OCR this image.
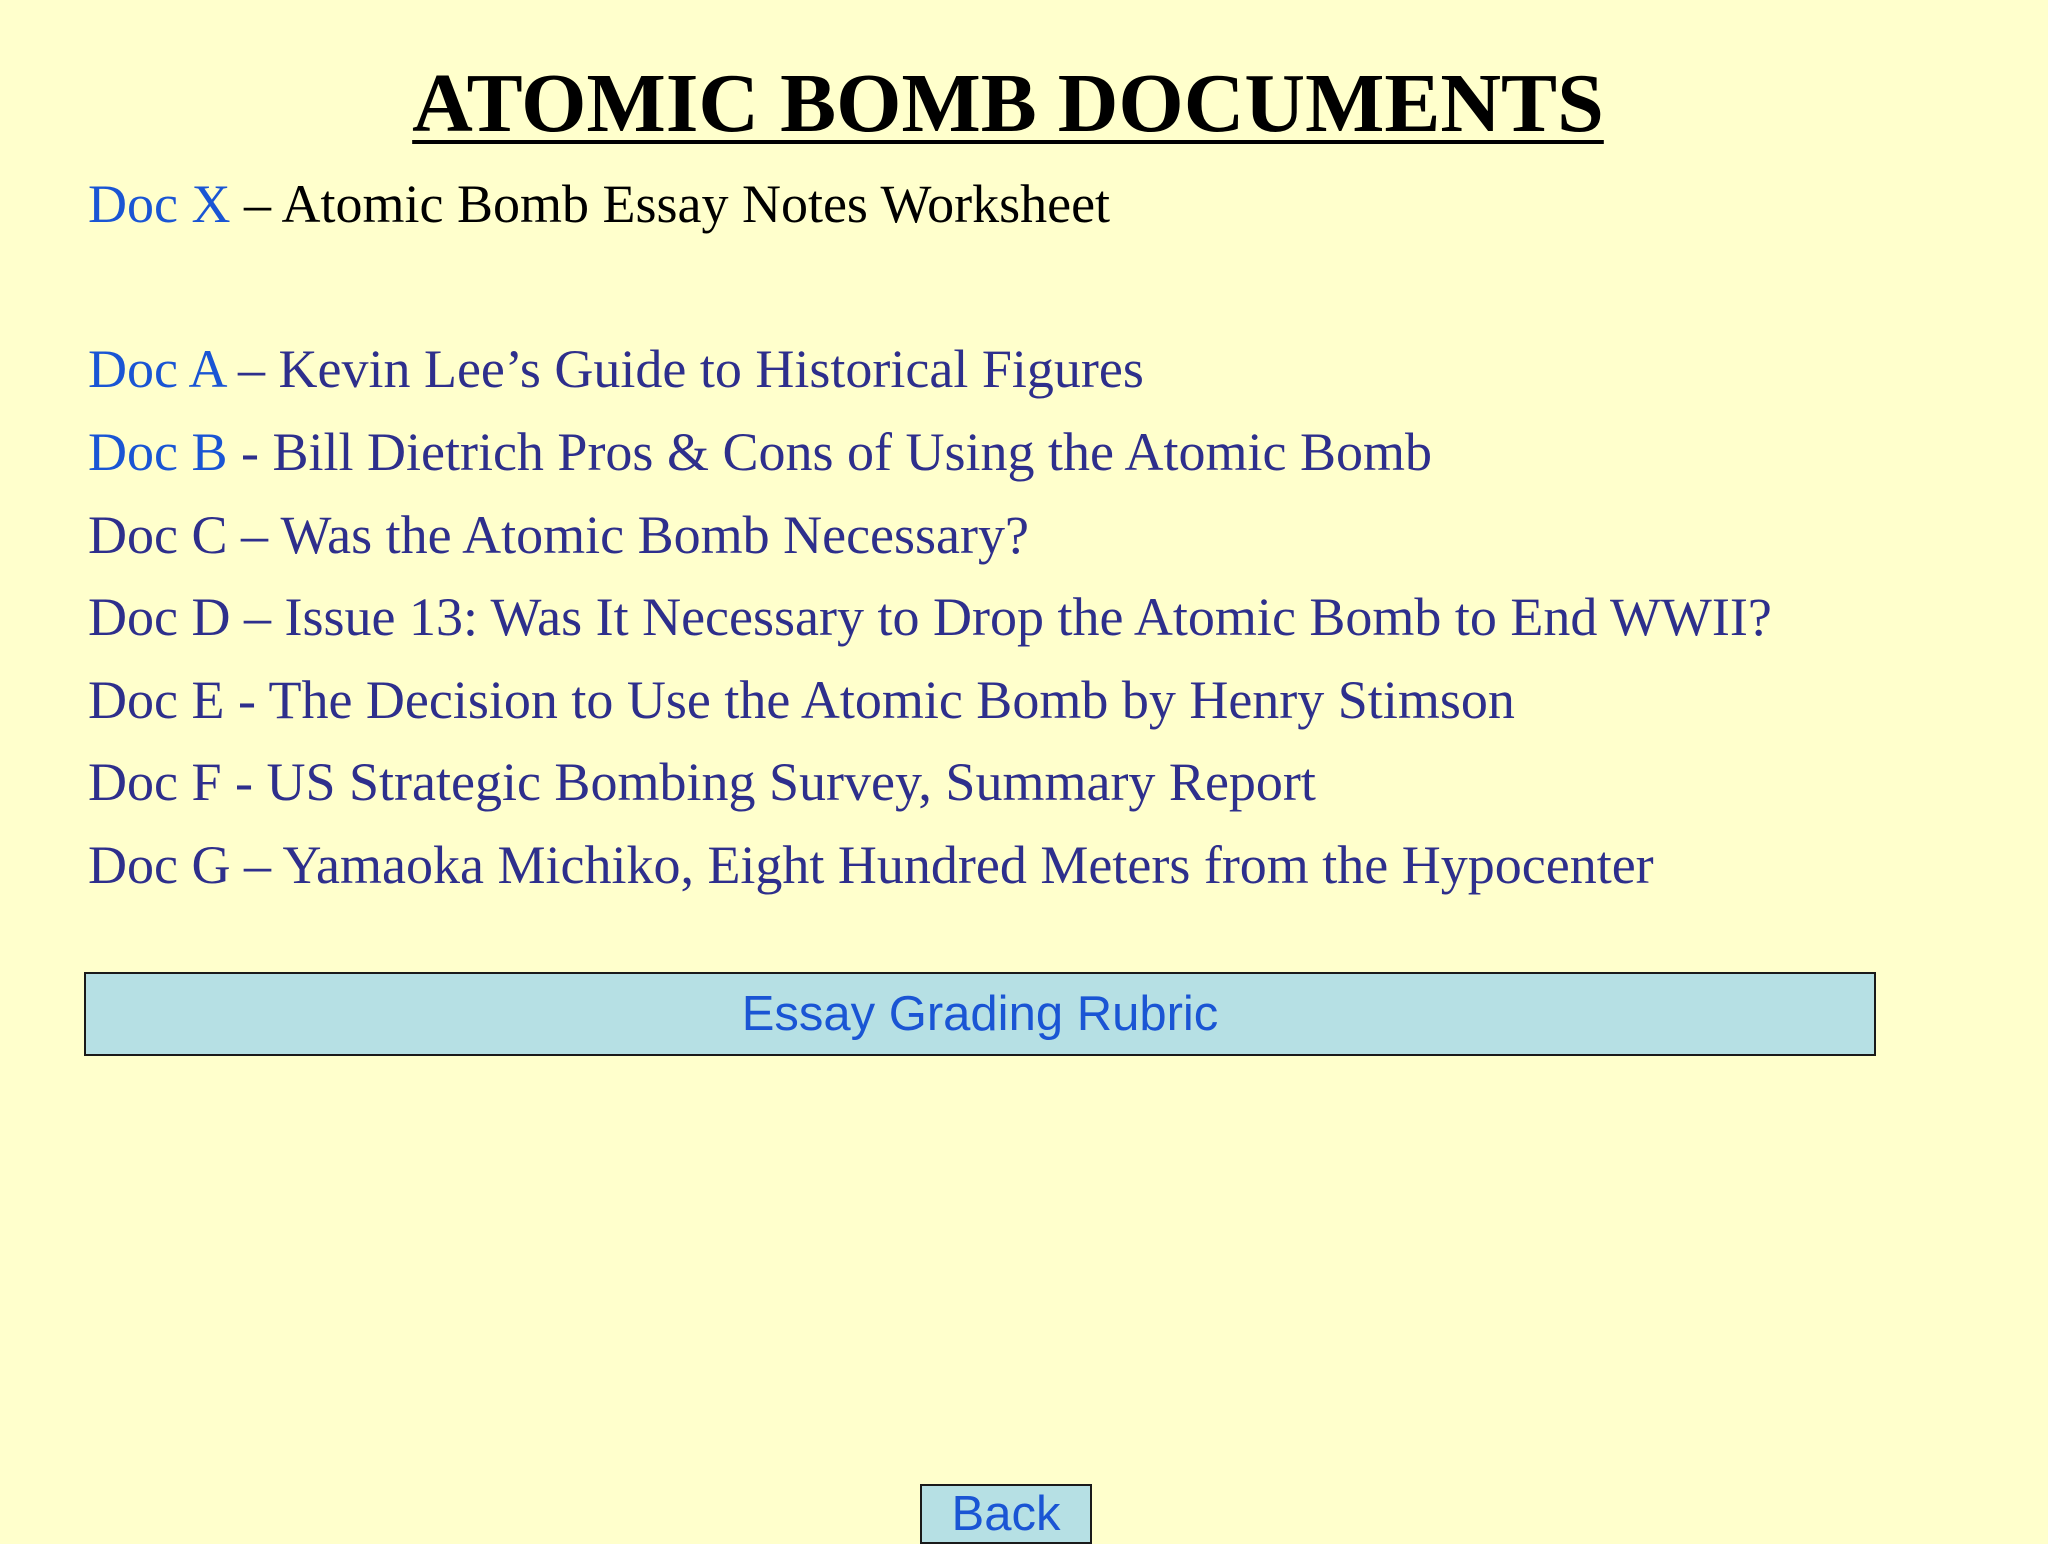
ATOMIC BOMB DOCUMENTS
Doc X – Atomic Bomb Essay Notes Worksheet
Doc A – Kevin Lee’s Guide to Historical Figures
Doc B - Bill Dietrich Pros & Cons of Using the Atomic Bomb
Doc C – Was the Atomic Bomb Necessary?
Doc D – Issue 13: Was It Necessary to Drop the Atomic Bomb to End WWII?
Doc E - The Decision to Use the Atomic Bomb by Henry Stimson
Doc F - US Strategic Bombing Survey, Summary Report
Doc G – Yamaoka Michiko, Eight Hundred Meters from the Hypocenter
Essay Grading Rubric
Back
